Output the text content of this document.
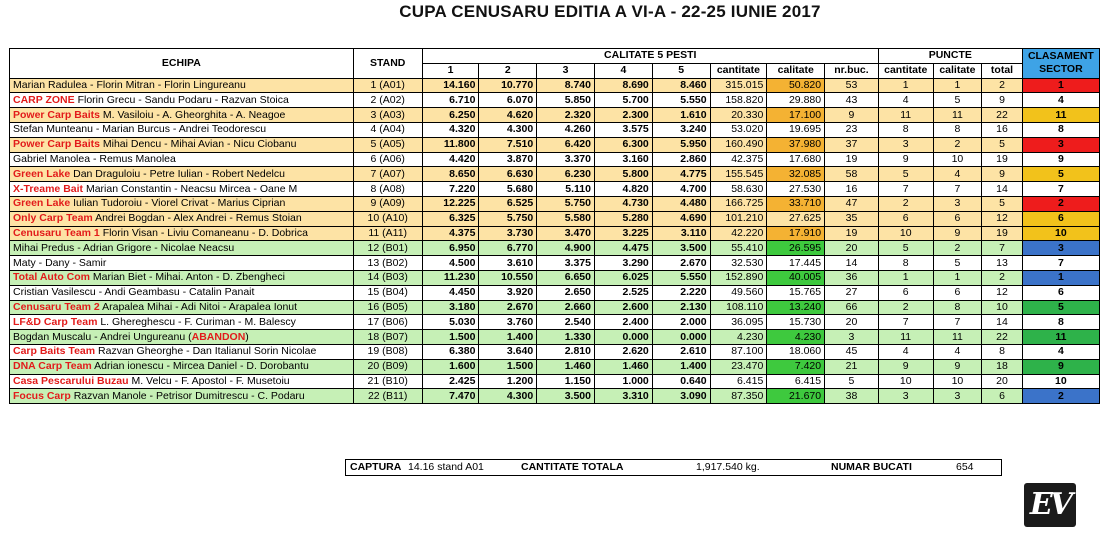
CUPA CENUSARU EDITIA A VI-A - 22-25 IUNIE 2017
ECHIPA	STAND	CALITATE 5 PESTI								PUNCTE			CLASAMENT
SECTOR
		1	2	3	4	5	cantitate	calitate	nr.buc.	cantitate	calitate	total	
Marian Radulea - Florin Mitran - Florin Lingureanu	1 (A01)	14.160	10.770	8.740	8.690	8.460	315.015	50.820	53	1	1	2	1
CARP ZONE Florin Grecu - Sandu Podaru - Razvan Stoica	2 (A02)	6.710	6.070	5.850	5.700	5.550	158.820	29.880	43	4	5	9	4
Power Carp Baits M. Vasiloiu - A. Gheorghita - A. Neagoe	3 (A03)	6.250	4.620	2.320	2.300	1.610	20.330	17.100	9	11	11	22	11
Stefan Munteanu - Marian Burcus - Andrei Teodorescu	4 (A04)	4.320	4.300	4.260	3.575	3.240	53.020	19.695	23	8	8	16	8
Power Carp Baits Mihai Dencu - Mihai Avian - Nicu Ciobanu	5 (A05)	11.800	7.510	6.420	6.300	5.950	160.490	37.980	37	3	2	5	3
Gabriel Manolea - Remus Manolea	6 (A06)	4.420	3.870	3.370	3.160	2.860	42.375	17.680	19	9	10	19	9
Green Lake Dan Draguloiu - Petre Iulian - Robert Nedelcu	7 (A07)	8.650	6.630	6.230	5.800	4.775	155.545	32.085	58	5	4	9	5
X-Treame Bait Marian Constantin - Neacsu Mircea - Oane M	8 (A08)	7.220	5.680	5.110	4.820	4.700	58.630	27.530	16	7	7	14	7
Green Lake Iulian Tudoroiu - Viorel Crivat - Marius Ciprian	9 (A09)	12.225	6.525	5.750	4.730	4.480	166.725	33.710	47	2	3	5	2
Only Carp Team Andrei Bogdan - Alex Andrei - Remus Stoian	10 (A10)	6.325	5.750	5.580	5.280	4.690	101.210	27.625	35	6	6	12	6
Cenusaru Team 1 Florin Visan - Liviu Comaneanu - D. Dobrica	11 (A11)	4.375	3.730	3.470	3.225	3.110	42.220	17.910	19	10	9	19	10
Mihai Predus - Adrian Grigore - Nicolae Neacsu	12 (B01)	6.950	6.770	4.900	4.475	3.500	55.410	26.595	20	5	2	7	3
Maty - Dany - Samir	13 (B02)	4.500	3.610	3.375	3.290	2.670	32.530	17.445	14	8	5	13	7
Total Auto Com Marian Biet - Mihai. Anton - D. Zbengheci	14 (B03)	11.230	10.550	6.650	6.025	5.550	152.890	40.005	36	1	1	2	1
Cristian Vasilescu - Andi Geambasu - Catalin Panait	15 (B04)	4.450	3.920	2.650	2.525	2.220	49.560	15.765	27	6	6	12	6
Cenusaru Team 2 Arapalea Mihai - Adi Nitoi - Arapalea Ionut	16 (B05)	3.180	2.670	2.660	2.600	2.130	108.110	13.240	66	2	8	10	5
LF&D Carp Team L. Ghereghescu - F. Curiman - M. Balescy	17 (B06)	5.030	3.760	2.540	2.400	2.000	36.095	15.730	20	7	7	14	8
Bogdan Muscalu - Andrei Ungureanu (ABANDON)	18 (B07)	1.500	1.400	1.330	0.000	0.000	4.230	4.230	3	11	11	22	11
Carp Baits Team Razvan Gheorghe - Dan Italianul Sorin Nicolae	19 (B08)	6.380	3.640	2.810	2.620	2.610	87.100	18.060	45	4	4	8	4
DNA Carp Team Adrian ionescu - Mircea Daniel - D. Dorobantu	20 (B09)	1.600	1.500	1.460	1.460	1.400	23.470	7.420	21	9	9	18	9
Casa Pescarului Buzau M. Velcu - F. Apostol - F. Musetoiu	21 (B10)	2.425	1.200	1.150	1.000	0.640	6.415	6.415	5	10	10	20	10
Focus Carp Razvan Manole - Petrisor Dumitrescu - C. Podaru	22 (B11)	7.470	4.300	3.500	3.310	3.090	87.350	21.670	38	3	3	6	2
CAPTURA 14.16 stand A01	CANTITATE TOTALA	1,917.540 kg.	NUMAR BUCATI	654
EV
